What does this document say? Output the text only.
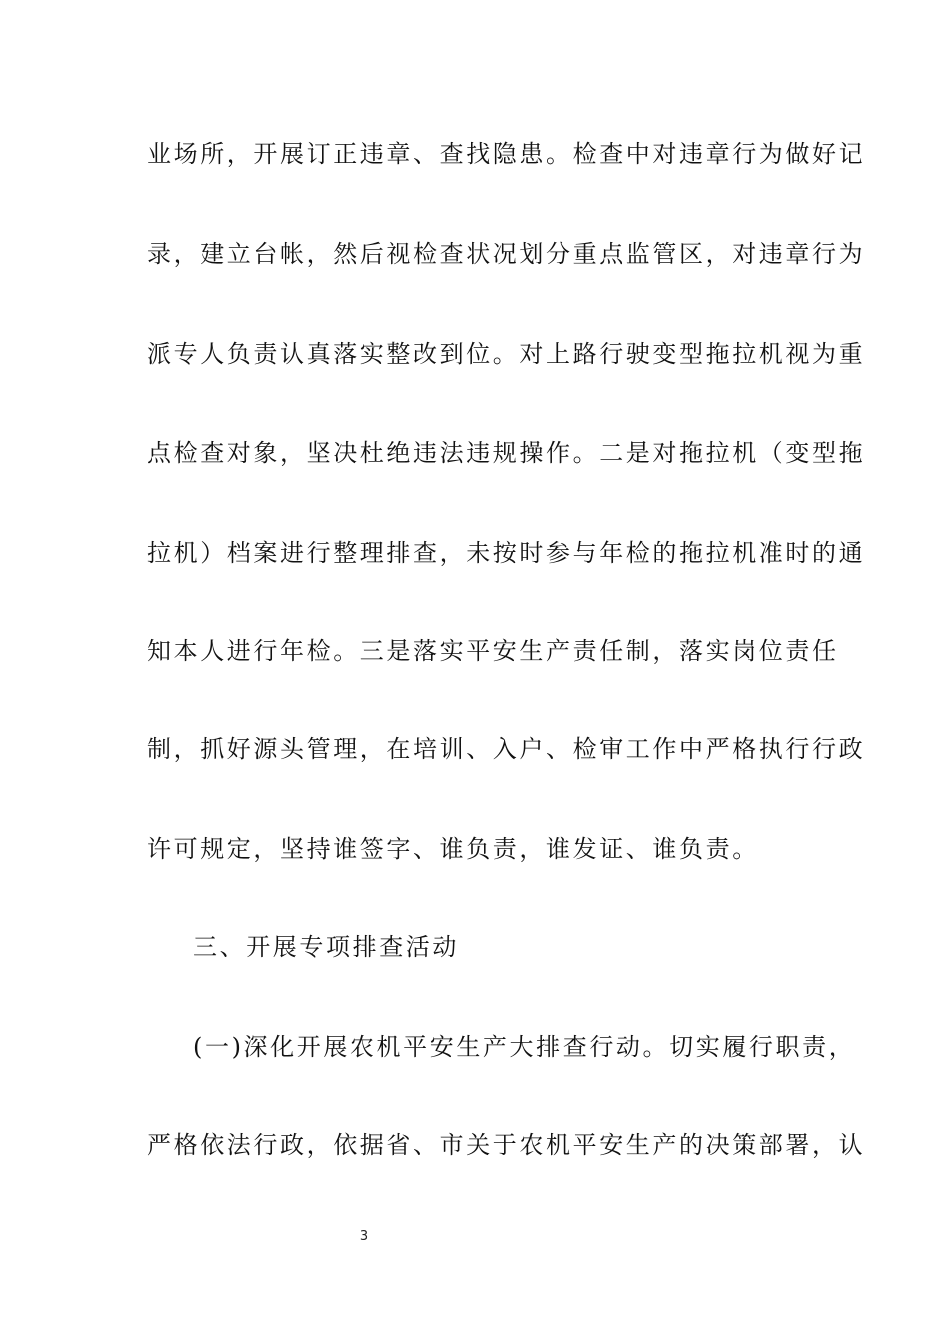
业场所，开展订正违章、查找隐患。检查中对违章行为做好记
录，建立台帐，然后视检查状况划分重点监管区，对违章行为
派专人负责认真落实整改到位。对上路行驶变型拖拉机视为重
点检查对象，坚决杜绝违法违规操作。二是对拖拉机（变型拖
拉机）档案进行整理排查，未按时参与年检的拖拉机准时的通
知本人进行年检。三是落实平安生产责任制，落实岗位责任
制，抓好源头管理，在培训、入户、检审工作中严格执行行政
许可规定，坚持谁签字、谁负责，谁发证、谁负责。
三、开展专项排查活动
(一)深化开展农机平安生产大排查行动。切实履行职责，
严格依法行政，依据省、市关于农机平安生产的决策部署，认
3
